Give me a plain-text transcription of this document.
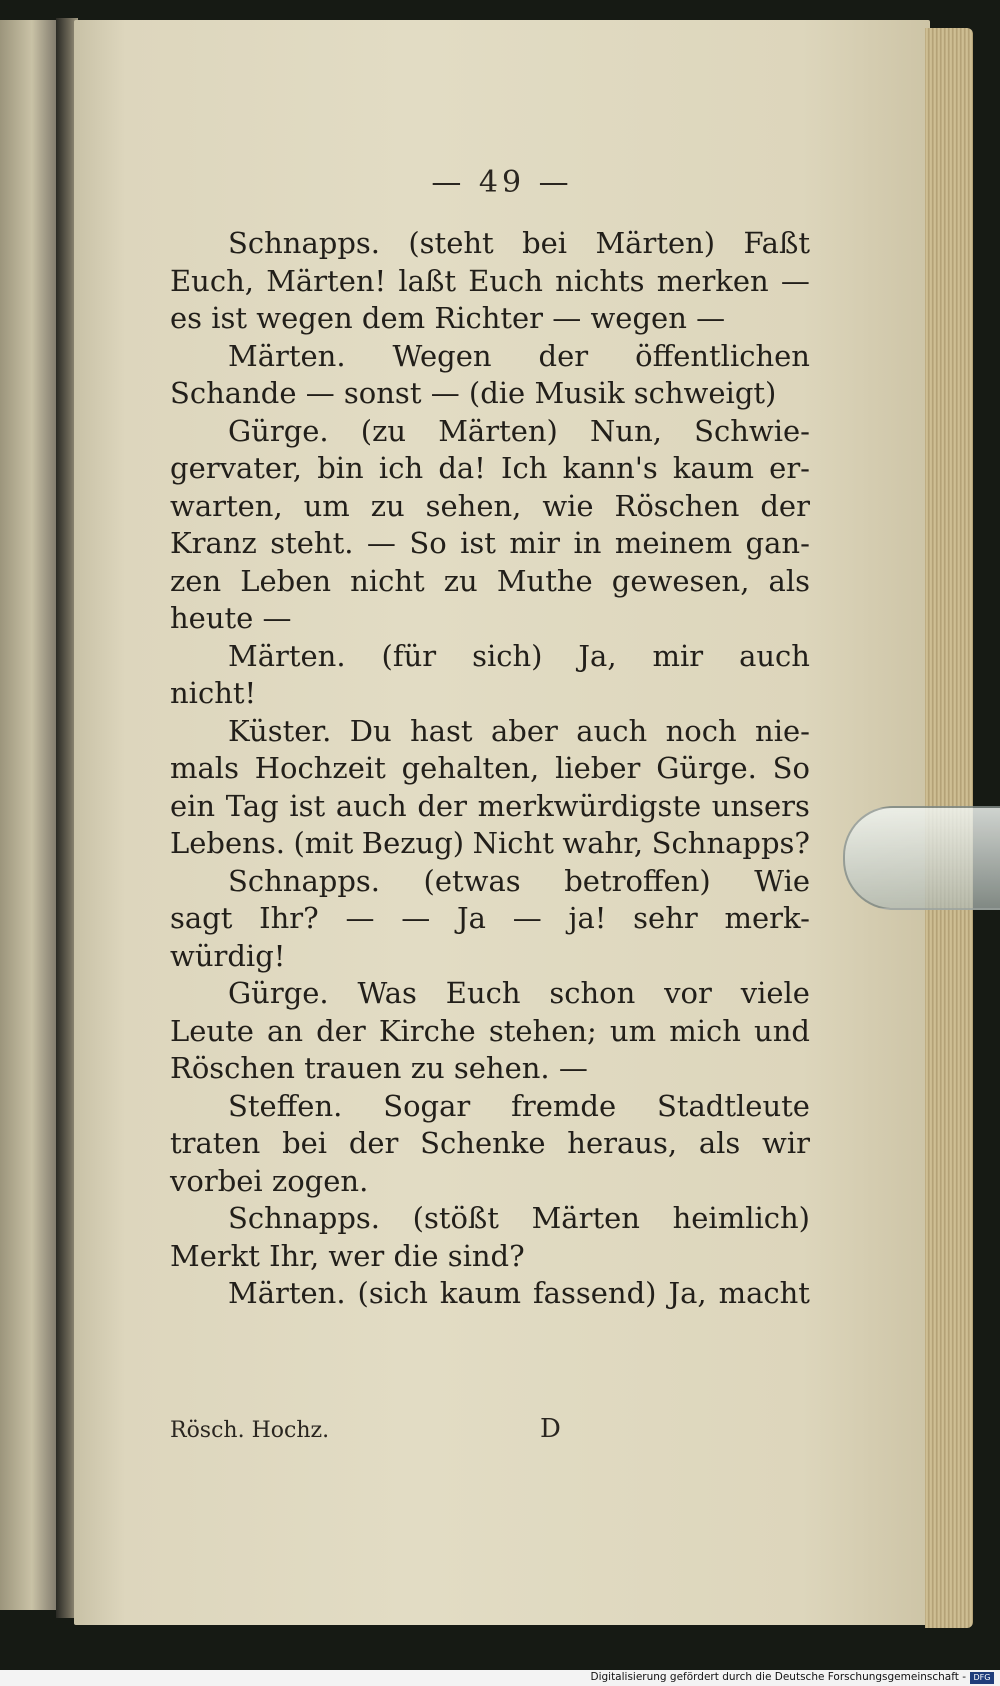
— 49 —
Schnapps. (steht bei Märten) Faßt
Euch, Märten! laßt Euch nichts merken —
es ist wegen dem Richter — wegen —
Märten. Wegen der öffentlichen
Schande — sonst — (die Musik schweigt)
Gürge. (zu Märten) Nun, Schwie-
gervater, bin ich da! Ich kann's kaum er-
warten, um zu sehen, wie Röschen der
Kranz steht. — So ist mir in meinem gan-
zen Leben nicht zu Muthe gewesen, als
heute —
Märten. (für sich) Ja, mir auch
nicht!
Küster. Du hast aber auch noch nie-
mals Hochzeit gehalten, lieber Gürge. So
ein Tag ist auch der merkwürdigste unsers
Lebens. (mit Bezug) Nicht wahr, Schnapps?
Schnapps. (etwas betroffen) Wie
sagt Ihr? — — Ja — ja! sehr merk-
würdig!
Gürge. Was Euch schon vor viele
Leute an der Kirche stehen; um mich und
Röschen trauen zu sehen. —
Steffen. Sogar fremde Stadtleute
traten bei der Schenke heraus, als wir
vorbei zogen.
Schnapps. (stößt Märten heimlich)
Merkt Ihr, wer die sind?
Märten. (sich kaum fassend) Ja, macht
Rösch. Hochz.	D
Digitalisierung gefördert durch die Deutsche Forschungsgemeinschaft - DFG
